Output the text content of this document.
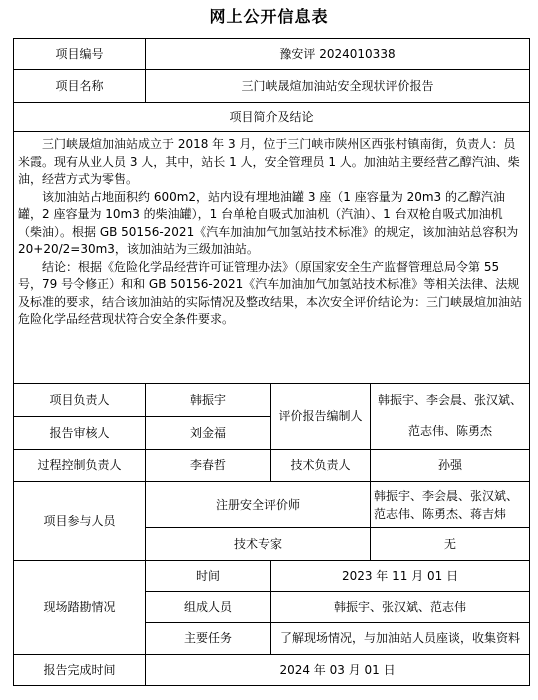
网上公开信息表
项目编号	豫安评 2024010338		
项目名称	三门峡晟煊加油站安全现状评价报告		
项目简介及结论			

三门峡晟煊加油站成立于 2018 年 3 月，位于三门峡市陕州区西张村镇南街，负责人：员米霞。现有从业人员 3 人，其中，站长 1 人，安全管理员 1 人。加油站主要经营乙醇汽油、柴油，经营方式为零售。

该加油站占地面积约 600m2，站内设有埋地油罐 3 座（1 座容量为 20m3 的乙醇汽油罐，2 座容量为 10m3 的柴油罐），1 台单枪自吸式加油机（汽油）、1 台双枪自吸式加油机（柴油）。根据 GB 50156-2021《汽车加油加气加氢站技术标准》的规定，该加油站总容积为 20+20/2=30m3，该加油站为三级加油站。

结论：根据《危险化学品经营许可证管理办法》（原国家安全生产监督管理总局令第 55 号，79 号令修正）和和 GB 50156-2021《汽车加油加气加氢站技术标准》等相关法律、法规及标准的要求，结合该加油站的实际情况及整改结果，本次安全评价结论为：三门峡晟煊加油站危险化学品经营现状符合安全条件要求。			

项目负责人	韩振宇	评价报告编制人	韩振宇、李会晨、张汉斌、
范志伟、陈勇杰

报告审核人	刘金福		
过程控制负责人	李春哲	技术负责人	孙强
项目参与人员	注册安全评价师		韩振宇、李会晨、张汉斌、范志伟、陈勇杰、蒋吉炜
	技术专家		无
现场踏勘情况	时间	2023 年 11 月 01 日	
	组成人员	韩振宇、张汉斌、范志伟	
	主要任务	了解现场情况，与加油站人员座谈，收集资料	
报告完成时间	2024 年 03 月 01 日		
